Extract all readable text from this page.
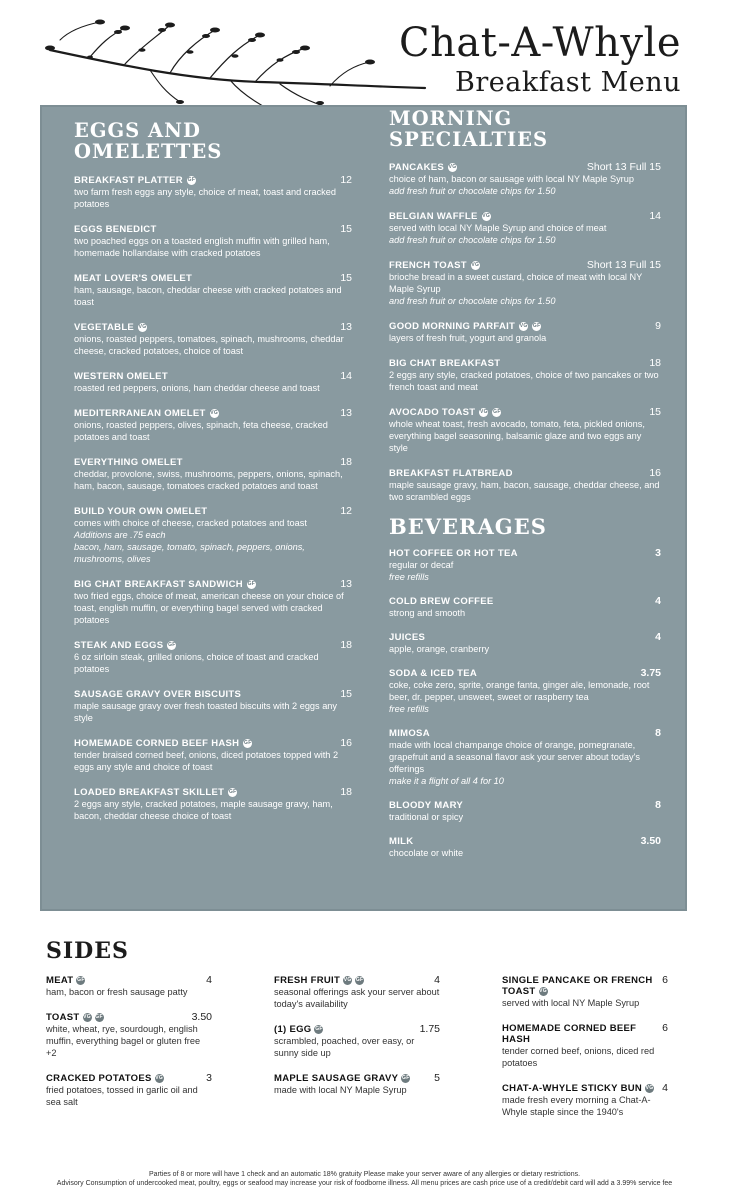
Chat-A-Whyle
Breakfast Menu
EGGS AND OMELETTES
BREAKFAST PLATTER GF	12
two farm fresh eggs any style, choice of meat, toast and cracked potatoes
EGGS BENEDICT	15
two poached eggs on a toasted english muffin with grilled ham, homemade hollandaise with cracked potatoes
MEAT LOVER'S OMELET	15
ham, sausage, bacon, cheddar cheese with cracked potatoes and toast
VEGETABLE VG	13
onions, roasted peppers, tomatoes, spinach, mushrooms, cheddar cheese, cracked potatoes, choice of toast
WESTERN OMELET	14
roasted red peppers, onions, ham cheddar cheese and toast
MEDITERRANEAN OMELET VG	13
onions, roasted peppers, olives, spinach, feta cheese, cracked potatoes and toast
EVERYTHING OMELET	18
cheddar, provolone, swiss, mushrooms, peppers, onions, spinach, ham, bacon, sausage, tomatoes cracked potatoes and toast
BUILD YOUR OWN OMELET	12
comes with choice of cheese, cracked potatoes and toast
Additions are .75 each
bacon, ham, sausage, tomato, spinach, peppers, onions, mushrooms, olives
BIG CHAT BREAKFAST SANDWICH GF	13
two fried eggs, choice of meat, american cheese on your choice of toast, english muffin, or everything bagel served with cracked potatoes
STEAK AND EGGS GF	18
6 oz sirloin steak, grilled onions, choice of toast and cracked potatoes
SAUSAGE GRAVY OVER BISCUITS	15
maple sausage gravy over fresh toasted biscuits with 2 eggs any style
HOMEMADE CORNED BEEF HASH GF	16
tender braised corned beef, onions, diced potatoes topped with 2 eggs any style and choice of toast
LOADED BREAKFAST SKILLET GF	18
2 eggs any style, cracked potatoes, maple sausage gravy, ham, bacon, cheddar cheese choice of toast
MORNING SPECIALTIES
PANCAKES VG	Short 13 Full 15
choice of ham, bacon or sausage with local NY Maple Syrup
add fresh fruit or chocolate chips for 1.50
BELGIAN WAFFLE VG	14
served with local NY Maple Syrup and choice of meat
add fresh fruit or chocolate chips for 1.50
FRENCH TOAST VG	Short 13 Full 15
brioche bread in a sweet custard, choice of meat with local NY Maple Syrup
and fresh fruit or chocolate chips for 1.50
GOOD MORNING PARFAIT VG GF	9
layers of fresh fruit, yogurt and granola
BIG CHAT BREAKFAST	18
2 eggs any style, cracked potatoes, choice of two pancakes or two french toast and meat
AVOCADO TOAST VG GF	15
whole wheat toast, fresh avocado, tomato, feta, pickled onions, everything bagel seasoning, balsamic glaze and two eggs any style
BREAKFAST FLATBREAD	16
maple sausage gravy, ham, bacon, sausage, cheddar cheese, and two scrambled eggs
BEVERAGES
HOT COFFEE OR HOT TEA	3
regular or decaf
free refills
COLD BREW COFFEE	4
strong and smooth
JUICES	4
apple, orange, cranberry
SODA & ICED TEA	3.75
coke, coke zero, sprite, orange fanta, ginger ale, lemonade, root beer, dr. pepper, unsweet, sweet or raspberry tea
free refills
MIMOSA	8
made with local champange choice of orange, pomegranate, grapefruit and a seasonal flavor ask your server about today's offerings
make it a flight of all 4 for 10
BLOODY MARY	8
traditional or spicy
MILK	3.50
chocolate or white
SIDES
MEAT GF	4
ham, bacon or fresh sausage patty
TOAST VG GF	3.50
white, wheat, rye, sourdough, english muffin, everything bagel or gluten free +2
CRACKED POTATOES VG	3
fried potatoes, tossed in garlic oil and sea salt
FRESH FRUIT VG GF	4
seasonal offerings ask your server about today's availability
(1) EGG GF	1.75
scrambled, poached, over easy, or sunny side up
MAPLE SAUSAGE GRAVY GF 5
made with local NY Maple Syrup
SINGLE PANCAKE OR FRENCH TOAST VG
6
served with local NY Maple Syrup
HOMEMADE CORNED BEEF HASH
6
tender corned beef, onions, diced red potatoes
CHAT-A-WHYLE STICKY BUN VG 4
made fresh every morning a Chat-A-Whyle staple since the 1940's
Parties of 8 or more will have 1 check and an automatic 18% gratuity Please make your server aware of any allergies or dietary restrictions.
Advisory Consumption of undercooked meat, poultry, eggs or seafood may increase your risk of foodborne illness. All menu prices are cash price use of a credit/debit card will add a 3.99% service fee
